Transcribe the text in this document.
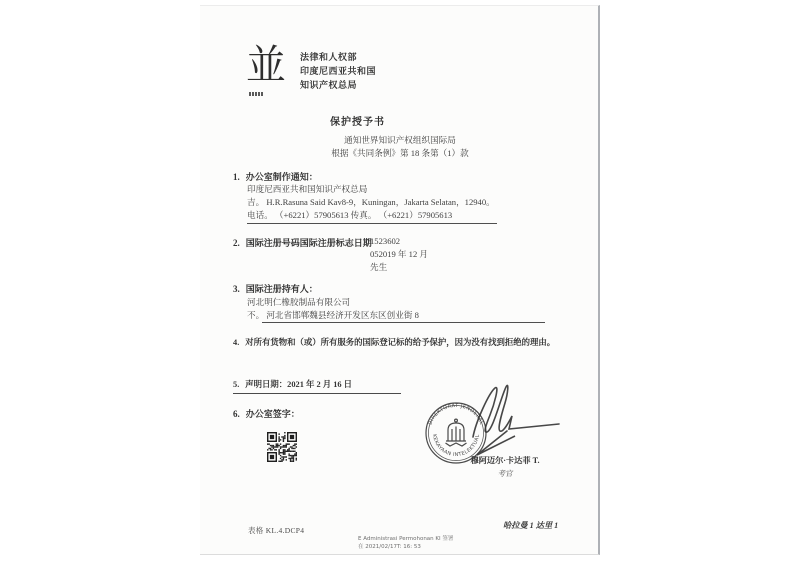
並 法律和人权部
印度尼西亚共和国
知识产权总局
保护授予书
通知世界知识产权组织国际局
根据《共同条例》第 18 条第（1）款
1. 办公室制作通知：
印度尼西亚共和国知识产权总局
吉。 H.R.Rasuna Said Kav8-9，Kuningan，Jakarta Selatan，12940。
电话。 （+6221）57905613 传真。 （+6221）57905613
2. 国际注册号码国际注册标志日期
1523602
052019 年 12 月
先生
3. 国际注册持有人：
河北明仁橡胶制品有限公司
不。 河北省邯郸魏县经济开发区东区创业街 8
4. 对所有货物和（或）所有服务的国际登记标的给予保护，因为没有找到拒绝的理由。
5. 声明日期：2021 年 2 月 16 日
6. 办公室签字：
DIREKTORAT JENDERAL
KEKAYAAN INTELEKTUAL
穆阿迈尔·卡达菲 T.
考官
表格 KL.4.DCP4
哈拉曼 1 达里 1
E Administrasi Permohonan KI 签署
在 2021/02/17T: 16: 53
